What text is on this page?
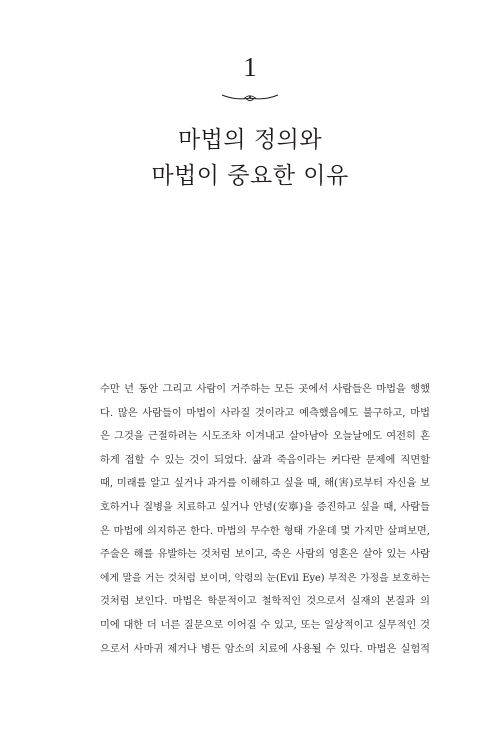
1
마법의 정의와
마법이 중요한 이유
수만 년 동안 그리고 사람이 거주하는 모든 곳에서 사람들은 마법을 행했
다. 많은 사람들이 마법이 사라질 것이라고 예측했음에도 불구하고, 마법
은 그것을 근절하려는 시도조차 이겨내고 살아남아 오늘날에도 여전히 흔
하게 접할 수 있는 것이 되었다. 삶과 죽음이라는 커다란 문제에 직면할
때, 미래를 알고 싶거나 과거를 이해하고 싶을 때, 해(害)로부터 자신을 보
호하거나 질병을 치료하고 싶거나 안녕(安寧)을 증진하고 싶을 때, 사람들
은 마법에 의지하곤 한다. 마법의 무수한 형태 가운데 몇 가지만 살펴보면,
주술은 해를 유발하는 것처럼 보이고, 죽은 사람의 영혼은 살아 있는 사람
에게 말을 거는 것처럼 보이며, 악령의 눈(Evil Eye) 부적은 가정을 보호하는
것처럼 보인다. 마법은 학문적이고 철학적인 것으로서 실재의 본질과 의
미에 대한 더 너른 질문으로 이어질 수 있고, 또는 일상적이고 실무적인 것
으로서 사마귀 제거나 병든 암소의 치료에 사용될 수 있다. 마법은 실험적
